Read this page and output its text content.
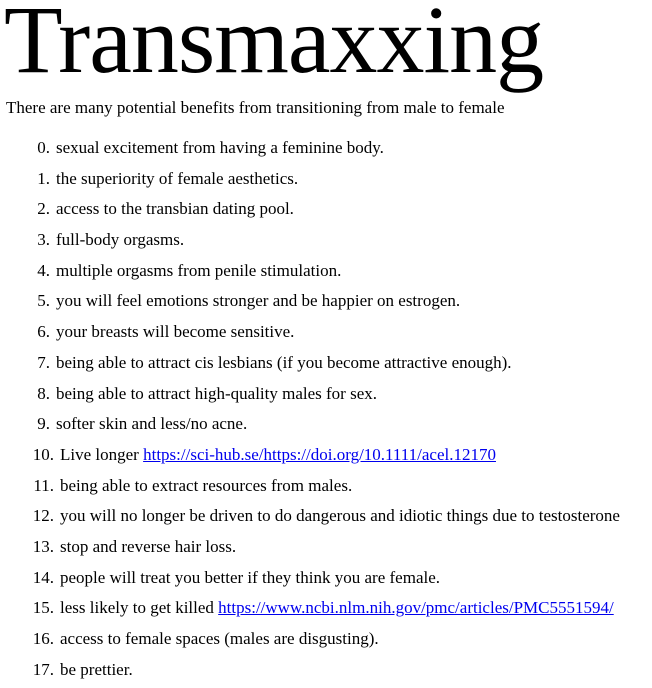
Transmaxxing
There are many potential benefits from transitioning from male to female
0. sexual excitement from having a feminine body.
1. the superiority of female aesthetics.
2. access to the transbian dating pool.
3. full-body orgasms.
4. multiple orgasms from penile stimulation.
5. you will feel emotions stronger and be happier on estrogen.
6. your breasts will become sensitive.
7. being able to attract cis lesbians (if you become attractive enough).
8. being able to attract high-quality males for sex.
9. softer skin and less/no acne.
10. Live longer https://sci-hub.se/https://doi.org/10.1111/acel.12170
11. being able to extract resources from males.
12. you will no longer be driven to do dangerous and idiotic things due to testosterone
13. stop and reverse hair loss.
14. people will treat you better if they think you are female.
15. less likely to get killed https://www.ncbi.nlm.nih.gov/pmc/articles/PMC5551594/
16. access to female spaces (males are disgusting).
17. be prettier.
